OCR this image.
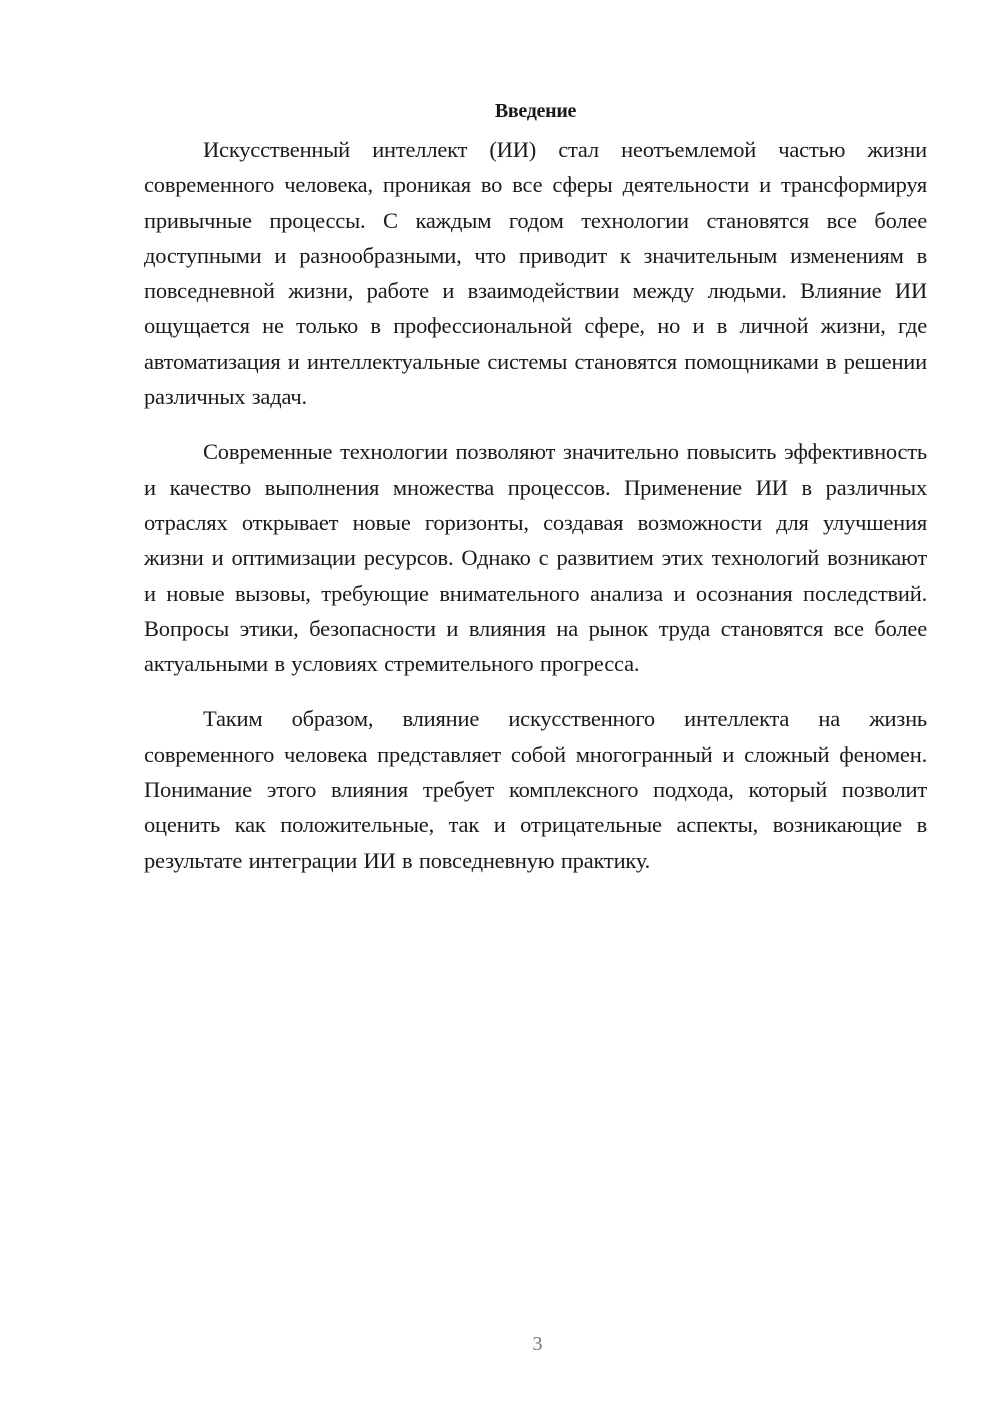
Введение

Искусственный интеллект (ИИ) стал неотъемлемой частью жизни современного человека, проникая во все сферы деятельности и трансформируя привычные процессы. С каждым годом технологии становятся все более доступными и разнообразными, что приводит к значительным изменениям в повседневной жизни, работе и взаимодействии между людьми. Влияние ИИ ощущается не только в профессиональной сфере, но и в личной жизни, где автоматизация и интеллектуальные системы становятся помощниками в решении различных задач.

Современные технологии позволяют значительно повысить эффективность и качество выполнения множества процессов. Применение ИИ в различных отраслях открывает новые горизонты, создавая возможности для улучшения жизни и оптимизации ресурсов. Однако с развитием этих технологий возникают и новые вызовы, требующие внимательного анализа и осознания последствий. Вопросы этики, безопасности и влияния на рынок труда становятся все более актуальными в условиях стремительного прогресса.

Таким образом, влияние искусственного интеллекта на жизнь современного человека представляет собой многогранный и сложный феномен. Понимание этого влияния требует комплексного подхода, который позволит оценить как положительные, так и отрицательные аспекты, возникающие в результате интеграции ИИ в повседневную практику.

3
